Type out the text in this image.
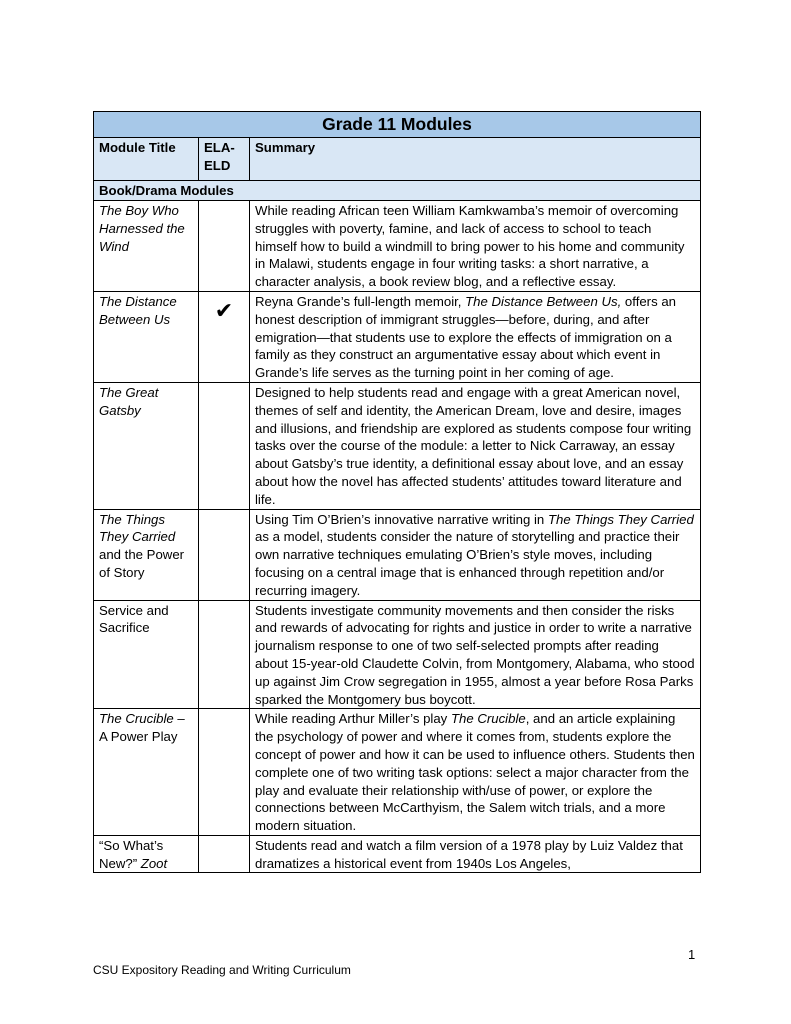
Grade 11 Modules		
Module Title	ELA-ELD	Summary
Book/Drama Modules		
The Boy Who Harnessed the Wind		While reading African teen William Kamkwamba’s memoir of overcoming struggles with poverty, famine, and lack of access to school to teach himself how to build a windmill to bring power to his home and community in Malawi, students engage in four writing tasks: a short narrative, a character analysis, a book review blog, and a reflective essay.
The Distance Between Us	✔	Reyna Grande’s full-length memoir, The Distance Between Us, offers an honest description of immigrant struggles—before, during, and after emigration—that students use to explore the effects of immigration on a family as they construct an argumentative essay about which event in Grande’s life serves as the turning point in her coming of age.
The Great Gatsby		Designed to help students read and engage with a great American novel, themes of self and identity, the American Dream, love and desire, images and illusions, and friendship are explored as students compose four writing tasks over the course of the module: a letter to Nick Carraway, an essay about Gatsby’s true identity, a definitional essay about love, and an essay about how the novel has affected students’ attitudes toward literature and life.
The Things They Carried and the Power of Story		Using Tim O’Brien’s innovative narrative writing in The Things They Carried as a model, students consider the nature of storytelling and practice their own narrative techniques emulating O’Brien’s style moves, including focusing on a central image that is enhanced through repetition and/or recurring imagery.
Service and Sacrifice		Students investigate community movements and then consider the risks and rewards of advocating for rights and justice in order to write a narrative journalism response to one of two self-selected prompts after reading about 15-year-old Claudette Colvin, from Montgomery, Alabama, who stood up against Jim Crow segregation in 1955, almost a year before Rosa Parks sparked the Montgomery bus boycott.
The Crucible – A Power Play		While reading Arthur Miller’s play The Crucible, and an article explaining the psychology of power and where it comes from, students explore the concept of power and how it can be used to influence others. Students then complete one of two writing task options: select a major character from the play and evaluate their relationship with/use of power, or explore the connections between McCarthyism, the Salem witch trials, and a more modern situation.
“So What’s New?” Zoot		Students read and watch a film version of a 1978 play by Luiz Valdez that dramatizes a historical event from 1940s Los Angeles,
1
CSU Expository Reading and Writing Curriculum
